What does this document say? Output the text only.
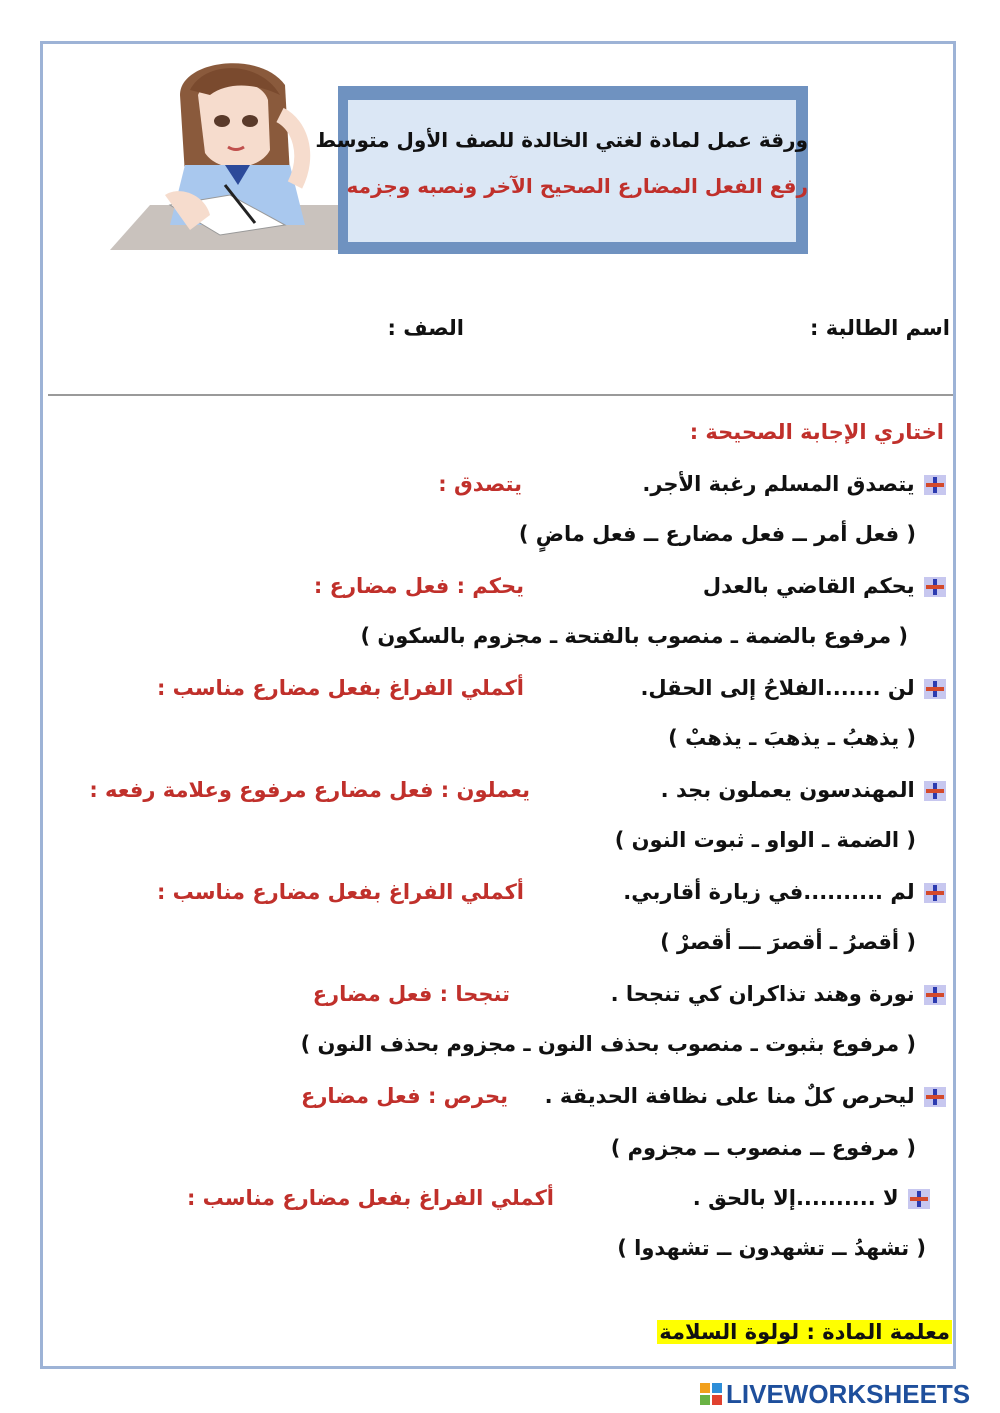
ورقة عمل لمادة لغتي الخالدة للصف الأول متوسط
رفع الفعل المضارع الصحيح الآخر ونصبه وجزمه
اسم الطالبة :
الصف :
اختاري الإجابة الصحيحة :
يتصدق المسلم رغبة الأجر.
يتصدق :
( فعل أمر ــ فعل مضارع ــ فعل ماضٍ )
يحكم القاضي بالعدل
يحكم : فعل مضارع :
( مرفوع بالضمة ـ منصوب بالفتحة ـ مجزوم بالسكون )
لن .......الفلاحُ إلى الحقل.
أكملي الفراغ بفعل مضارع مناسب :
( يذهبُ ـ يذهبَ ـ يذهبْ )
المهندسون يعملون بجد .
يعملون : فعل مضارع مرفوع وعلامة رفعه :
( الضمة ـ الواو ـ ثبوت النون )
لم ..........في زيارة أقاربي.
أكملي الفراغ بفعل مضارع مناسب :
( أقصرُ ـ أقصرَ ـــ أقصرْ )
نورة وهند تذاكران كي تنجحا .
تنجحا : فعل مضارع
( مرفوع بثبوت ـ منصوب بحذف النون ـ مجزوم بحذف النون )
ليحرص كلٌ منا على نظافة الحديقة .
يحرص : فعل مضارع
( مرفوع ــ منصوب ــ مجزوم )
لا ..........إلا بالحق .
أكملي الفراغ بفعل مضارع مناسب :
( تشهدُ ــ تشهدون ــ تشهدوا )
معلمة المادة : لولوة السلامة
LIVEWORKSHEETS
